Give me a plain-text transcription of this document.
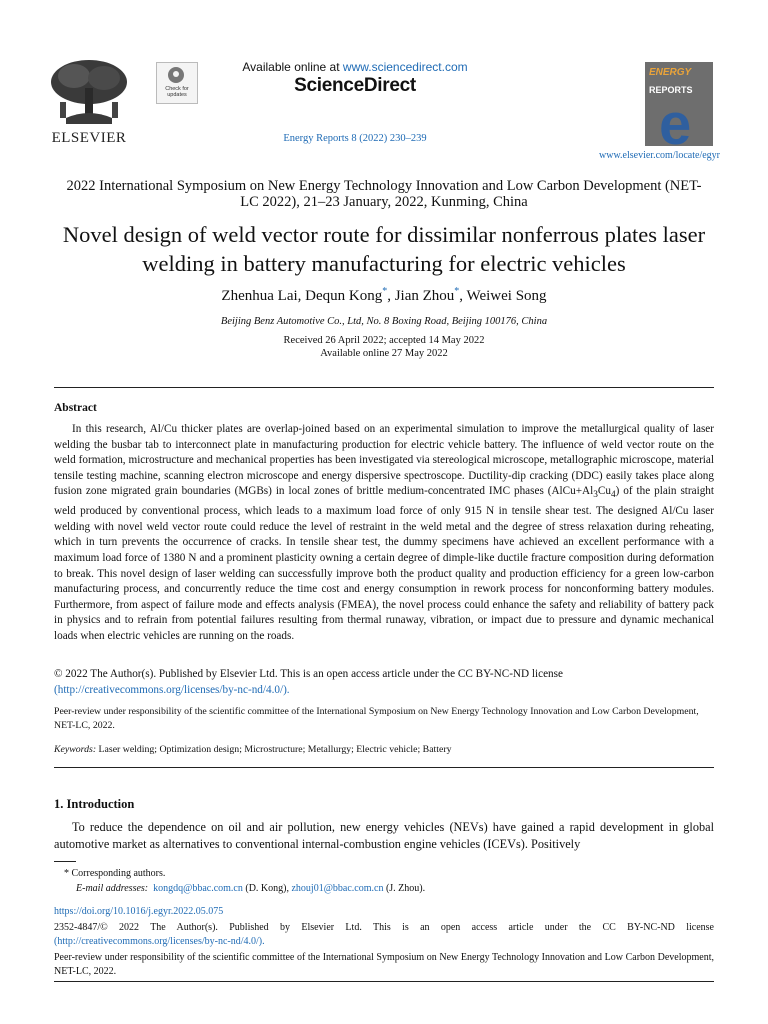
ELSEVIER
Check for updates
Available online at www.sciencedirect.com
ScienceDirect
Energy Reports 8 (2022) 230–239
ENERGY
REPORTS
e
www.elsevier.com/locate/egyr
2022 International Symposium on New Energy Technology Innovation and Low Carbon Development (NET-LC 2022), 21–23 January, 2022, Kunming, China
Novel design of weld vector route for dissimilar nonferrous plates laser welding in battery manufacturing for electric vehicles
Zhenhua Lai, Dequn Kong*, Jian Zhou*, Weiwei Song
Beijing Benz Automotive Co., Ltd, No. 8 Boxing Road, Beijing 100176, China
Received 26 April 2022; accepted 14 May 2022
Available online 27 May 2022
Abstract
In this research, Al/Cu thicker plates are overlap-joined based on an experimental simulation to improve the metallurgical quality of laser welding the busbar tab to interconnect plate in manufacturing production for electric vehicle battery. The influence of weld vector route on the weld formation, microstructure and mechanical properties has been investigated via stereological microscope, metallographic microscope, material tensile testing machine, scanning electron microscope and energy dispersive spectroscope. Ductility-dip cracking (DDC) easily takes place along fusion zone migrated grain boundaries (MGBs) in local zones of brittle medium-concentrated IMC phases $(AlCu+Al_3Cu_4)$ of the plain straight weld produced by conventional process, which leads to a maximum load force of only 915 N in tensile shear test. The designed Al/Cu laser welding with novel weld vector route could reduce the level of restraint in the weld metal and the degree of stress relaxation during reheating, which in turn prevents the occurrence of cracks. In tensile shear test, the dummy specimens have achieved an excellent performance with a maximum load force of 1380 N and a prominent plasticity owning a certain degree of dimple-like ductile fracture composition during deformation to break. This novel design of laser welding can successfully improve both the product quality and production efficiency for a green low-carbon manufacturing process, and concurrently reduce the time cost and energy consumption in rework process for nonconforming battery modules. Furthermore, from aspect of failure mode and effects analysis (FMEA), the novel process could enhance the safety and reliability of battery pack in physics and to refrain from potential failures resulting from thermal runaway, vibration, or impact due to pressure and dynamic mechanical loads when electric vehicles are running on the roads.
© 2022 The Author(s). Published by Elsevier Ltd. This is an open access article under the CC BY-NC-ND license
(http://creativecommons.org/licenses/by-nc-nd/4.0/).
Peer-review under responsibility of the scientific committee of the International Symposium on New Energy Technology Innovation and Low Carbon Development, NET-LC, 2022.
Keywords: Laser welding; Optimization design; Microstructure; Metallurgy; Electric vehicle; Battery
1. Introduction
To reduce the dependence on oil and air pollution, new energy vehicles (NEVs) have gained a rapid development in global automotive market as alternatives to conventional internal-combustion engine vehicles (ICEVs). Positively
* Corresponding authors.
E-mail addresses: kongdq@bbac.com.cn (D. Kong), zhouj01@bbac.com.cn (J. Zhou).
https://doi.org/10.1016/j.egyr.2022.05.075
2352-4847/© 2022 The Author(s). Published by Elsevier Ltd. This is an open access article under the CC BY-NC-ND license (http://creativecommons.org/licenses/by-nc-nd/4.0/).
Peer-review under responsibility of the scientific committee of the International Symposium on New Energy Technology Innovation and Low Carbon Development, NET-LC, 2022.
